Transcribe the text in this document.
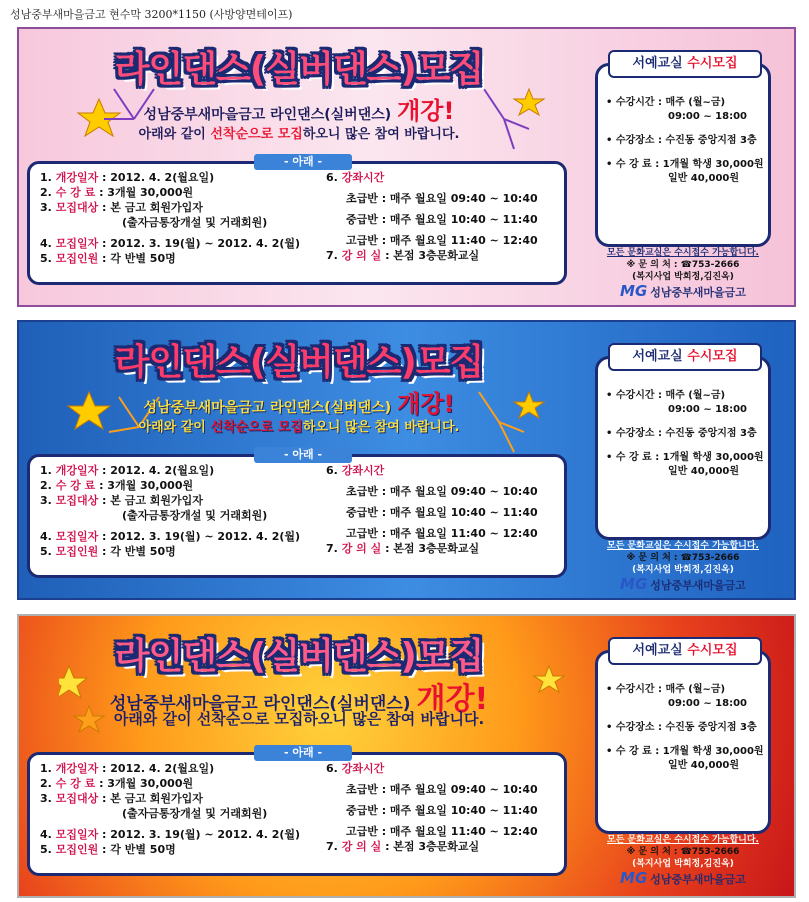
성남중부새마을금고 현수막 3200*1150 (사방양면테이프)
라인댄스(실버댄스)모집
성남중부새마을금고 라인댄스(실버댄스) 개강!
아래와 같이 선착순으로 모집하오니 많은 참여 바랍니다.
- 아래 -
1. 개강일자 : 2012. 4. 2(월요일)
2. 수 강 료 : 3개월 30,000원
3. 모집대상 : 본 금고 회원가입자
(출자금통장개설 및 거래회원)
4. 모집일자 : 2012. 3. 19(월) ~ 2012. 4. 2(월)
5. 모집인원 : 각 반별 50명
6. 강좌시간
초급반 : 매주 월요일 09:40 ~ 10:40
중급반 : 매주 월요일 10:40 ~ 11:40
고급반 : 매주 월요일 11:40 ~ 12:40
7. 강 의 실 : 본점 3층문화교실
서예교실 수시모집
• 수강시간 : 매주 (월~금)
09:00 ~ 18:00
• 수강장소 : 수진동 중앙지점 3층
• 수 강 료 : 1개월 학생 30,000원
일반 40,000원
모든 문화교실은 수시접수 가능합니다.
※ 문 의 처 : ☎753-2666
(복지사업 박희정,김진옥)
MG 성남중부새마을금고
라인댄스(실버댄스)모집
성남중부새마을금고 라인댄스(실버댄스) 개강!
아래와 같이 선착순으로 모집하오니 많은 참여 바랍니다.
- 아래 -
1. 개강일자 : 2012. 4. 2(월요일)
2. 수 강 료 : 3개월 30,000원
3. 모집대상 : 본 금고 회원가입자
(출자금통장개설 및 거래회원)
4. 모집일자 : 2012. 3. 19(월) ~ 2012. 4. 2(월)
5. 모집인원 : 각 반별 50명
6. 강좌시간
초급반 : 매주 월요일 09:40 ~ 10:40
중급반 : 매주 월요일 10:40 ~ 11:40
고급반 : 매주 월요일 11:40 ~ 12:40
7. 강 의 실 : 본점 3층문화교실
서예교실 수시모집
• 수강시간 : 매주 (월~금)
09:00 ~ 18:00
• 수강장소 : 수진동 중앙지점 3층
• 수 강 료 : 1개월 학생 30,000원
일반 40,000원
모든 문화교실은 수시접수 가능합니다.
※ 문 의 처 : ☎753-2666
(복지사업 박희정,김진옥)
MG 성남중부새마을금고
라인댄스(실버댄스)모집
성남중부새마을금고 라인댄스(실버댄스) 개강!
아래와 같이 선착순으로 모집하오니 많은 참여 바랍니다.
- 아래 -
1. 개강일자 : 2012. 4. 2(월요일)
2. 수 강 료 : 3개월 30,000원
3. 모집대상 : 본 금고 회원가입자
(출자금통장개설 및 거래회원)
4. 모집일자 : 2012. 3. 19(월) ~ 2012. 4. 2(월)
5. 모집인원 : 각 반별 50명
6. 강좌시간
초급반 : 매주 월요일 09:40 ~ 10:40
중급반 : 매주 월요일 10:40 ~ 11:40
고급반 : 매주 월요일 11:40 ~ 12:40
7. 강 의 실 : 본점 3층문화교실
서예교실 수시모집
• 수강시간 : 매주 (월~금)
09:00 ~ 18:00
• 수강장소 : 수진동 중앙지점 3층
• 수 강 료 : 1개월 학생 30,000원
일반 40,000원
모든 문화교실은 수시접수 가능합니다.
※ 문 의 처 : ☎753-2666
(복지사업 박희정,김진옥)
MG 성남중부새마을금고
